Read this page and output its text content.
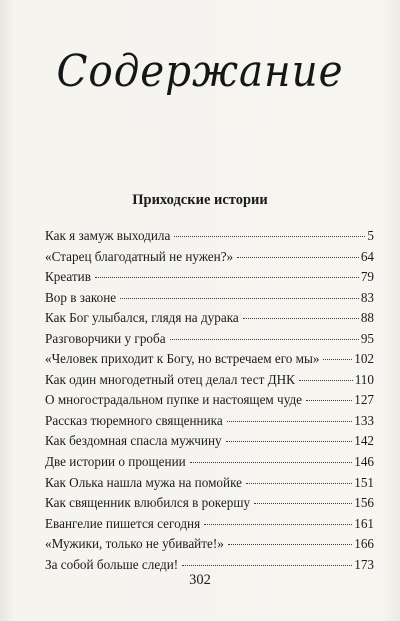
Содержание
Приходские истории
Как я замуж выходила	5
«Старец благодатный не нужен?»	64
Креатив	79
Вор в законе	83
Как Бог улыбался, глядя на дурака	88
Разговорчики у гроба	95
«Человек приходит к Богу, но встречаем его мы»	102
Как один многодетный отец делал тест ДНК	110
О многострадальном пупке и настоящем чуде	127
Рассказ тюремного священника	133
Как бездомная спасла мужчину	142
Две истории о прощении	146
Как Олька нашла мужа на помойке	151
Как священник влюбился в рокершу	156
Евангелие пишется сегодня	161
«Мужики, только не убивайте!»	166
За собой больше следи!	173
302
